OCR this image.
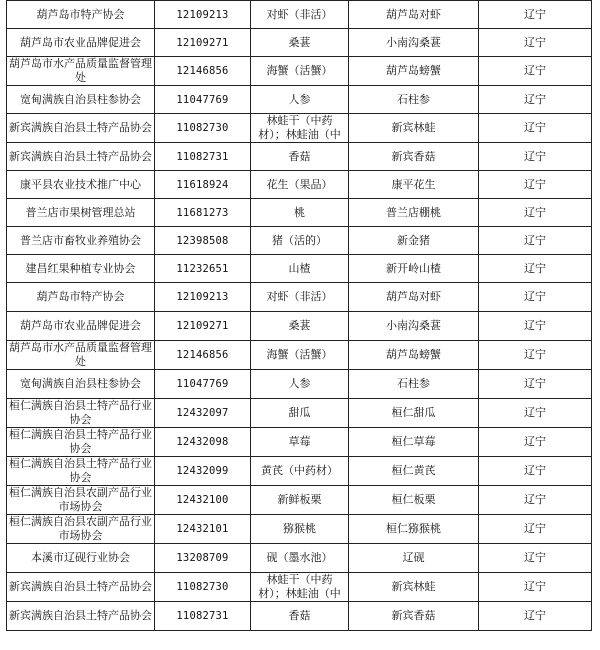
葫芦岛市特产协会	12109213	对虾（非活）	葫芦岛对虾	辽宁
葫芦岛市农业品牌促进会	12109271	桑葚	小南沟桑葚	辽宁
葫芦岛市水产品质量监督管理处	12146856	海蟹（活蟹）	葫芦岛螃蟹	辽宁
宽甸满族自治县柱参协会	11047769	人参	石柱参	辽宁
新宾满族自治县土特产品协会	11082730	林蛙干（中药材）；林蛙油（中	新宾林蛙	辽宁
新宾满族自治县土特产品协会	11082731	香菇	新宾香菇	辽宁
康平县农业技术推广中心	11618924	花生（果品）	康平花生	辽宁
普兰店市果树管理总站	11681273	桃	普兰店棚桃	辽宁
普兰店市畜牧业养殖协会	12398508	猪（活的）	新金猪	辽宁
建昌红果种植专业协会	11232651	山楂	新开岭山楂	辽宁
葫芦岛市特产协会	12109213	对虾（非活）	葫芦岛对虾	辽宁
葫芦岛市农业品牌促进会	12109271	桑葚	小南沟桑葚	辽宁
葫芦岛市水产品质量监督管理处	12146856	海蟹（活蟹）	葫芦岛螃蟹	辽宁
宽甸满族自治县柱参协会	11047769	人参	石柱参	辽宁
桓仁满族自治县土特产品行业协会	12432097	甜瓜	桓仁甜瓜	辽宁
桓仁满族自治县土特产品行业协会	12432098	草莓	桓仁草莓	辽宁
桓仁满族自治县土特产品行业协会	12432099	黄芪（中药材）	桓仁黄芪	辽宁
桓仁满族自治县农副产品行业市场协会	12432100	新鲜板栗	桓仁板栗	辽宁
桓仁满族自治县农副产品行业市场协会	12432101	猕猴桃	桓仁猕猴桃	辽宁
本溪市辽砚行业协会	13208709	砚（墨水池）	辽砚	辽宁
新宾满族自治县土特产品协会	11082730	林蛙干（中药材）；林蛙油（中	新宾林蛙	辽宁
新宾满族自治县土特产品协会	11082731	香菇	新宾香菇	辽宁
